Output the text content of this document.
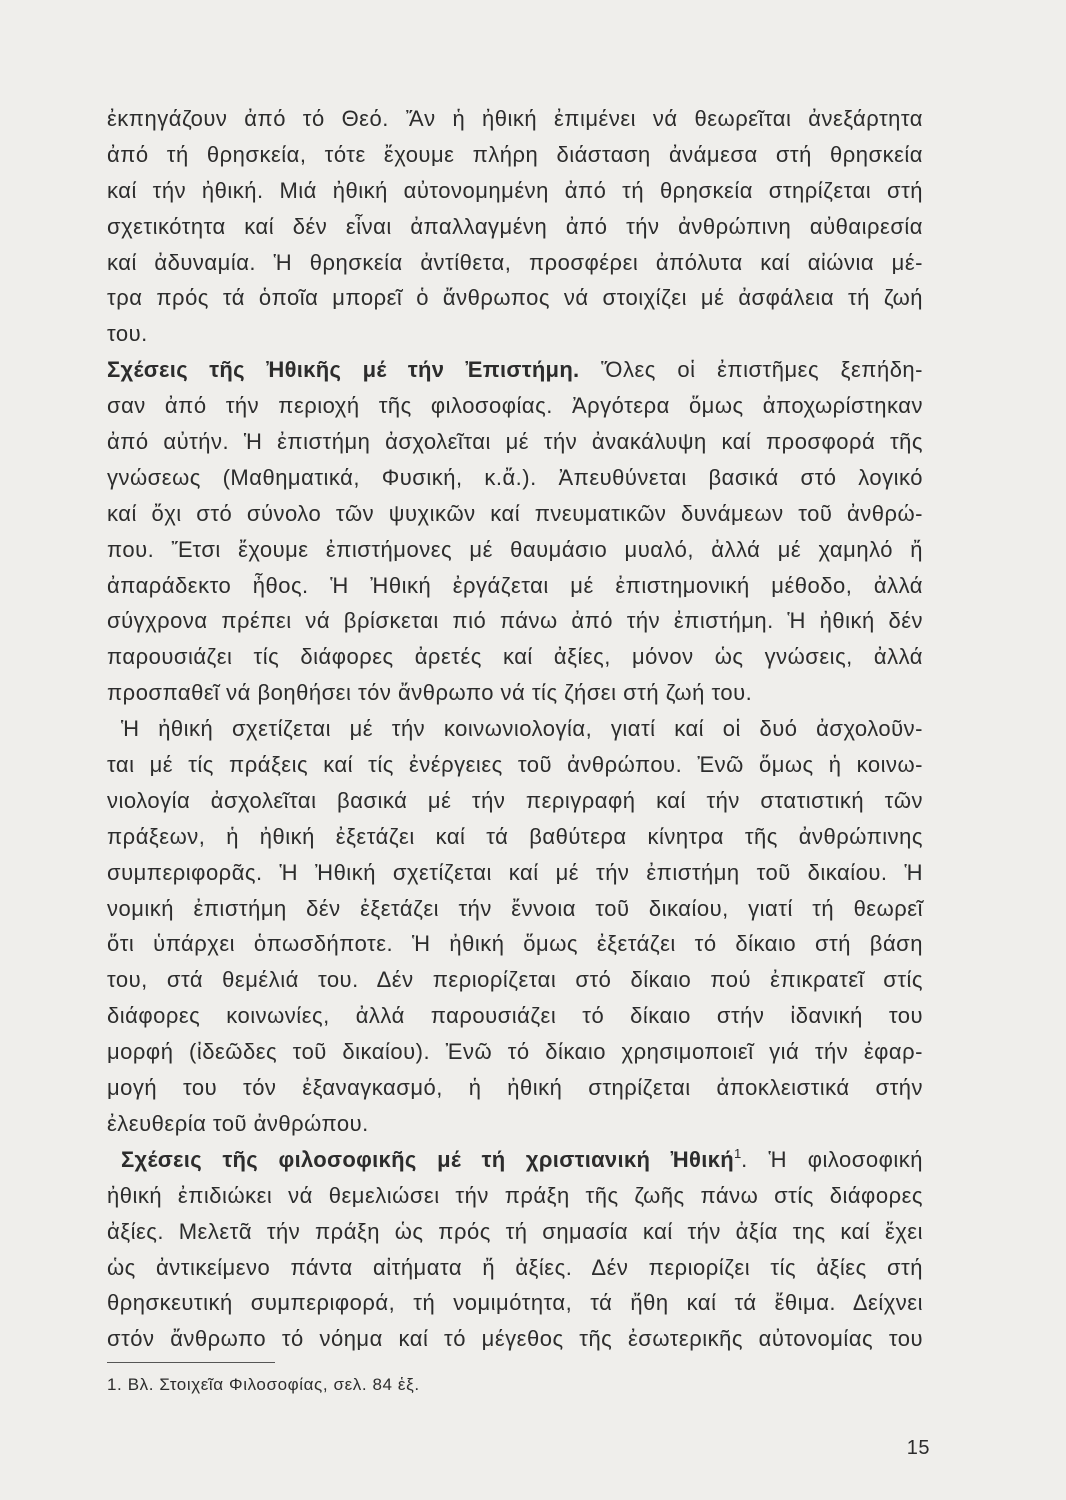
ἐκπηγάζουν ἀπό τό Θεό. Ἄν ἡ ἠθική ἐπιμένει νά θεωρεῖται ἀνεξάρτητα
ἀπό τή θρησκεία, τότε ἔχουμε πλήρη διάσταση ἀνάμεσα στή θρησκεία
καί τήν ἠθική. Μιά ἠθική αὐτονομημένη ἀπό τή θρησκεία στηρίζεται στή
σχετικότητα καί δέν εἶναι ἀπαλλαγμένη ἀπό τήν ἀνθρώπινη αὐθαιρεσία
καί ἀδυναμία. Ἡ θρησκεία ἀντίθετα, προσφέρει ἀπόλυτα καί αἰώνια μέ-
τρα πρός τά ὁποῖα μπορεῖ ὁ ἄνθρωπος νά στοιχίζει μέ ἀσφάλεια τή ζωή
του.
Σχέσεις τῆς Ἠθικῆς μέ τήν Ἐπιστήμη. Ὅλες οἱ ἐπιστῆμες ξεπήδη-
σαν ἀπό τήν περιοχή τῆς φιλοσοφίας. Ἀργότερα ὅμως ἀποχωρίστηκαν
ἀπό αὐτήν. Ἡ ἐπιστήμη ἀσχολεῖται μέ τήν ἀνακάλυψη καί προσφορά τῆς
γνώσεως (Μαθηματικά, Φυσική, κ.ἄ.). Ἀπευθύνεται βασικά στό λογικό
καί ὄχι στό σύνολο τῶν ψυχικῶν καί πνευματικῶν δυνάμεων τοῦ ἀνθρώ-
που. Ἔτσι ἔχουμε ἐπιστήμονες μέ θαυμάσιο μυαλό, ἀλλά μέ χαμηλό ἤ
ἀπαράδεκτο ἦθος. Ἡ Ἠθική ἐργάζεται μέ ἐπιστημονική μέθοδο, ἀλλά
σύγχρονα πρέπει νά βρίσκεται πιό πάνω ἀπό τήν ἐπιστήμη. Ἡ ἠθική δέν
παρουσιάζει τίς διάφορες ἀρετές καί ἀξίες, μόνον ὡς γνώσεις, ἀλλά
προσπαθεῖ νά βοηθήσει τόν ἄνθρωπο νά τίς ζήσει στή ζωή του.
Ἡ ἠθική σχετίζεται μέ τήν κοινωνιολογία, γιατί καί οἱ δυό ἀσχολοῦν-
ται μέ τίς πράξεις καί τίς ἐνέργειες τοῦ ἀνθρώπου. Ἐνῶ ὅμως ἡ κοινω-
νιολογία ἀσχολεῖται βασικά μέ τήν περιγραφή καί τήν στατιστική τῶν
πράξεων, ἡ ἠθική ἐξετάζει καί τά βαθύτερα κίνητρα τῆς ἀνθρώπινης
συμπεριφορᾶς. Ἡ Ἠθική σχετίζεται καί μέ τήν ἐπιστήμη τοῦ δικαίου. Ἡ
νομική ἐπιστήμη δέν ἐξετάζει τήν ἔννοια τοῦ δικαίου, γιατί τή θεωρεῖ
ὅτι ὑπάρχει ὁπωσδήποτε. Ἡ ἠθική ὅμως ἐξετάζει τό δίκαιο στή βάση
του, στά θεμέλιά του. Δέν περιορίζεται στό δίκαιο πού ἐπικρατεῖ στίς
διάφορες κοινωνίες, ἀλλά παρουσιάζει τό δίκαιο στήν ἰδανική του
μορφή (ἰδεῶδες τοῦ δικαίου). Ἐνῶ τό δίκαιο χρησιμοποιεῖ γιά τήν ἐφαρ-
μογή του τόν ἐξαναγκασμό, ἡ ἠθική στηρίζεται ἀποκλειστικά στήν
ἐλευθερία τοῦ ἀνθρώπου.
Σχέσεις τῆς φιλοσοφικῆς μέ τή χριστιανική Ἠθική$^1$. Ἡ φιλοσοφική
ἠθική ἐπιδιώκει νά θεμελιώσει τήν πράξη τῆς ζωῆς πάνω στίς διάφορες
ἀξίες. Μελετᾶ τήν πράξη ὡς πρός τή σημασία καί τήν ἀξία της καί ἔχει
ὡς ἀντικείμενο πάντα αἰτήματα ἤ ἀξίες. Δέν περιορίζει τίς ἀξίες στή
θρησκευτική συμπεριφορά, τή νομιμότητα, τά ἤθη καί τά ἔθιμα. Δείχνει
στόν ἄνθρωπο τό νόημα καί τό μέγεθος τῆς ἐσωτερικῆς αὐτονομίας του
1. Βλ. Στοιχεῖα Φιλοσοφίας, σελ. 84 ἑξ.
15
